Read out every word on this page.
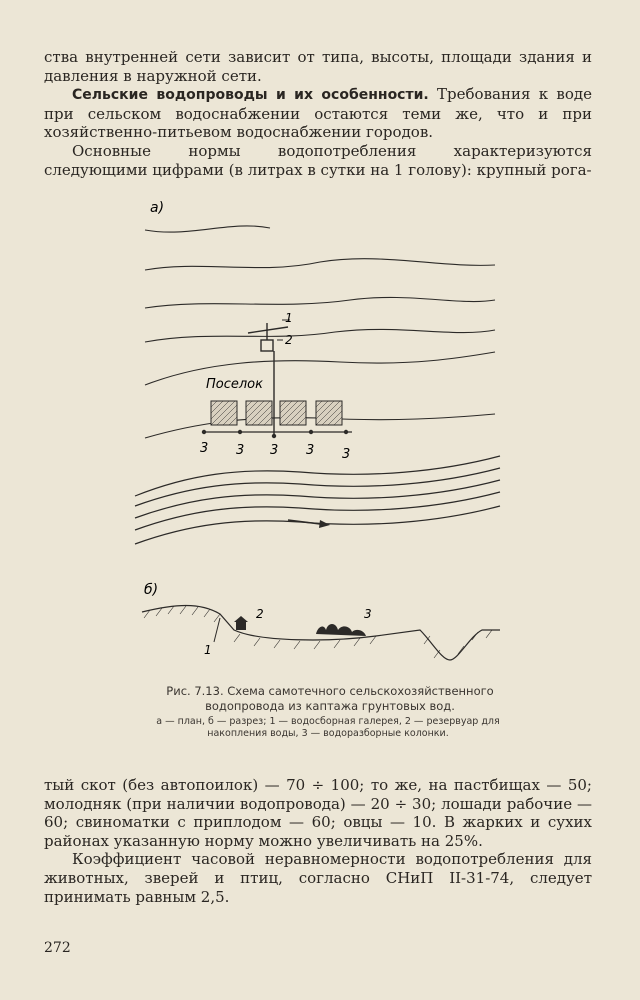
ства внутренней сети зависит от типа, высоты, площади здания и давления в наружной сети.

Сельские водопроводы и их особенности. Требования к воде при сельском водоснабжении остаются теми же, что и при хозяйственно-питьевом водоснабжении городов.

Основные нормы водопотребления характеризуются следующими цифрами (в литрах в сутки на 1 голову): крупный рога-

а)
1
2
Поселок
3 3 3 3 3
б)
1
2	3
Рис. 7.13. Схема самотечного сельскохозяйственного водопровода из каптажа грунтовых вод.
а — план, б — разрез; 1 — водосборная галерея, 2 — резервуар для накопления воды, 3 — водоразборные колонки.

тый скот (без автопоилок) — 70 ÷ 100; то же, на пастбищах — 50; молодняк (при наличии водопровода) — 20 ÷ 30; лошади рабочие — 60; свиноматки с приплодом — 60; овцы — 10. В жарких и сухих районах указанную норму можно увеличивать на 25%.

Коэффициент часовой неравномерности водопотребления для животных, зверей и птиц, согласно СНиП II-31-74, следует принимать равным 2,5.

272
